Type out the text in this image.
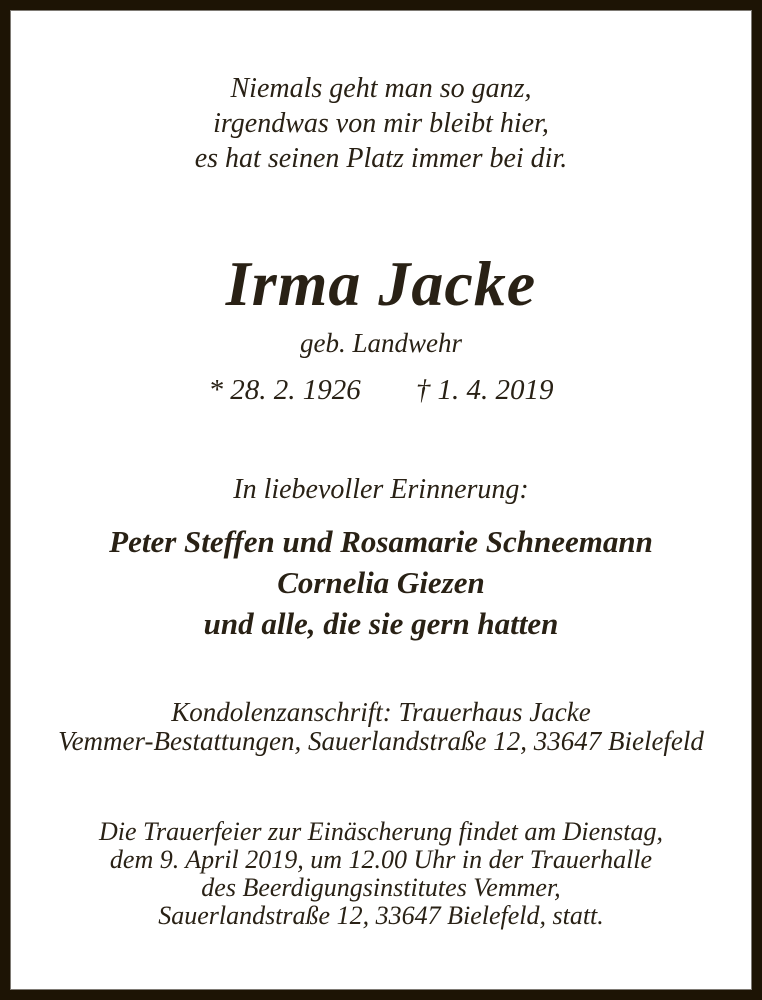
Niemals geht man so ganz,
irgendwas von mir bleibt hier,
es hat seinen Platz immer bei dir.
Irma Jacke
geb. Landwehr
* 28. 2. 1926 † 1. 4. 2019
In liebevoller Erinnerung:
Peter Steffen und Rosamarie Schneemann
Cornelia Giezen
und alle, die sie gern hatten
Kondolenzanschrift: Trauerhaus Jacke
Vemmer-Bestattungen, Sauerlandstraße 12, 33647 Bielefeld
Die Trauerfeier zur Einäscherung findet am Dienstag,
dem 9. April 2019, um 12.00 Uhr in der Trauerhalle
des Beerdigungsinstitutes Vemmer,
Sauerlandstraße 12, 33647 Bielefeld, statt.
